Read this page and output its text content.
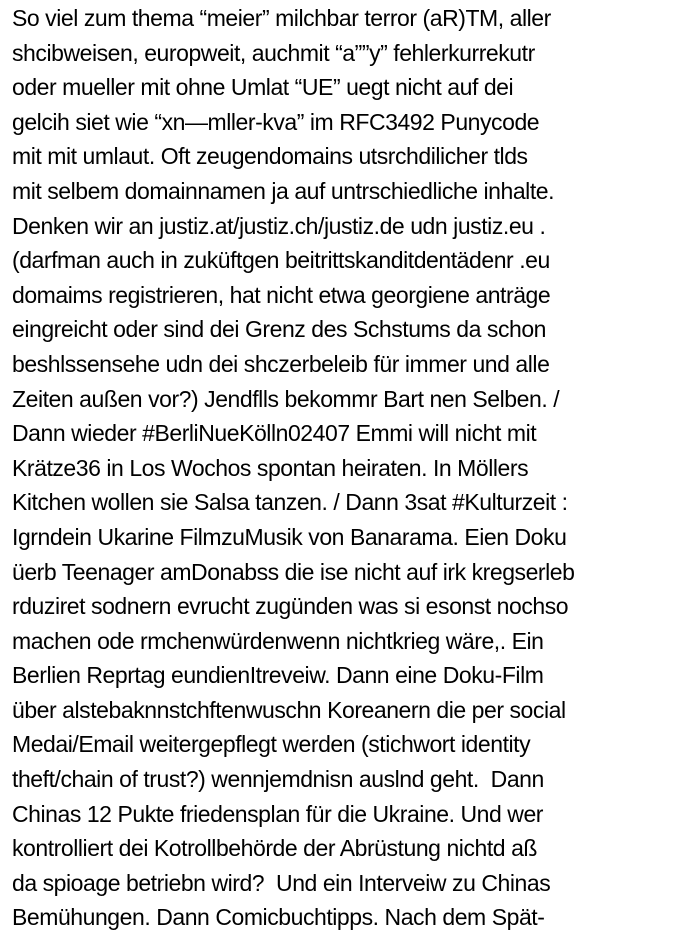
So viel zum thema “meier” milchbar terror (aR)TM, aller
shcibweisen, europweit, auchmit “a””y” fehlerkurrekutr
oder mueller mit ohne Umlat “UE” uegt nicht auf dei
gelcih siet wie “xn—mller-kva” im RFC3492 Punycode
mit mit umlaut. Oft zeugendomains utsrchdilicher tlds
mit selbem domainnamen ja auf untrschiedliche inhalte.
Denken wir an justiz.at/justiz.ch/justiz.de udn justiz.eu .
(darfman auch in zuküftgen beitrittskanditdentädenr .eu
domaims registrieren, hat nicht etwa georgiene anträge
eingreicht oder sind dei Grenz des Schstums da schon
beshlssensehe udn dei shczerbeleib für immer und alle
Zeiten außen vor?) Jendflls bekommr Bart nen Selben. /
Dann wieder #BerliNueKölln02407 Emmi will nicht mit
Krätze36 in Los Wochos spontan heiraten. In Möllers
Kitchen wollen sie Salsa tanzen. / Dann 3sat #Kulturzeit :
Igrndein Ukarine FilmzuMusik von Banarama. Eien Doku
üerb Teenager amDonabss die ise nicht auf irk kregserleb
rduziret sodnern evrucht zugünden was si esonst nochso
machen ode rmchenwürdenwenn nichtkrieg wäre,. Ein
Berlien Reprtag eundienItreveiw. Dann eine Doku-Film
über alstebaknnstchftenwuschn Koreanern die per social
Medai/Email weitergepflegt werden (stichwort identity
theft/chain of trust?) wennjemdnisn auslnd geht.  Dann
Chinas 12 Pukte friedensplan für die Ukraine. Und wer
kontrolliert dei Kotrollbehörde der Abrüstung nichtd aß
da spioage betriebn wird?  Und ein Interveiw zu Chinas
Bemühungen. Dann Comicbuchtipps. Nach dem Spät-
